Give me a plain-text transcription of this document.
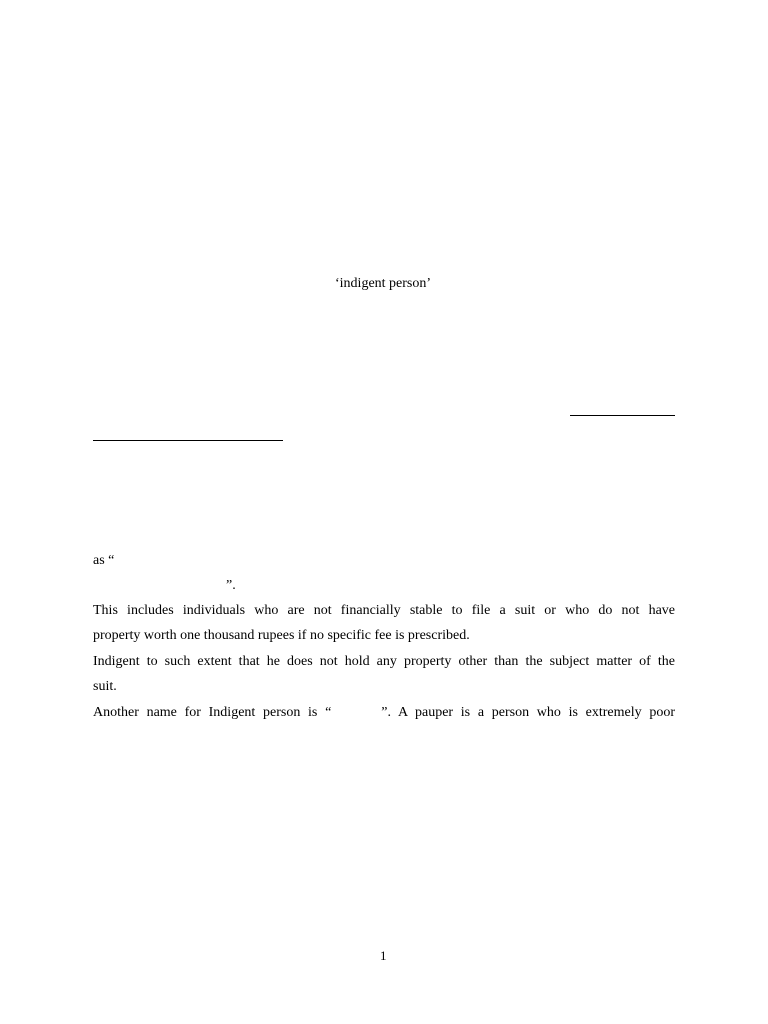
‘indigent person’
as “
”.
This includes individuals who are not financially stable to file a suit or who do not have
property worth one thousand rupees if no specific fee is prescribed.
Indigent to such extent that he does not hold any property other than the subject matter of the
suit.
Another name for Indigent person is “	”. A pauper is a person who is extremely poor
1
